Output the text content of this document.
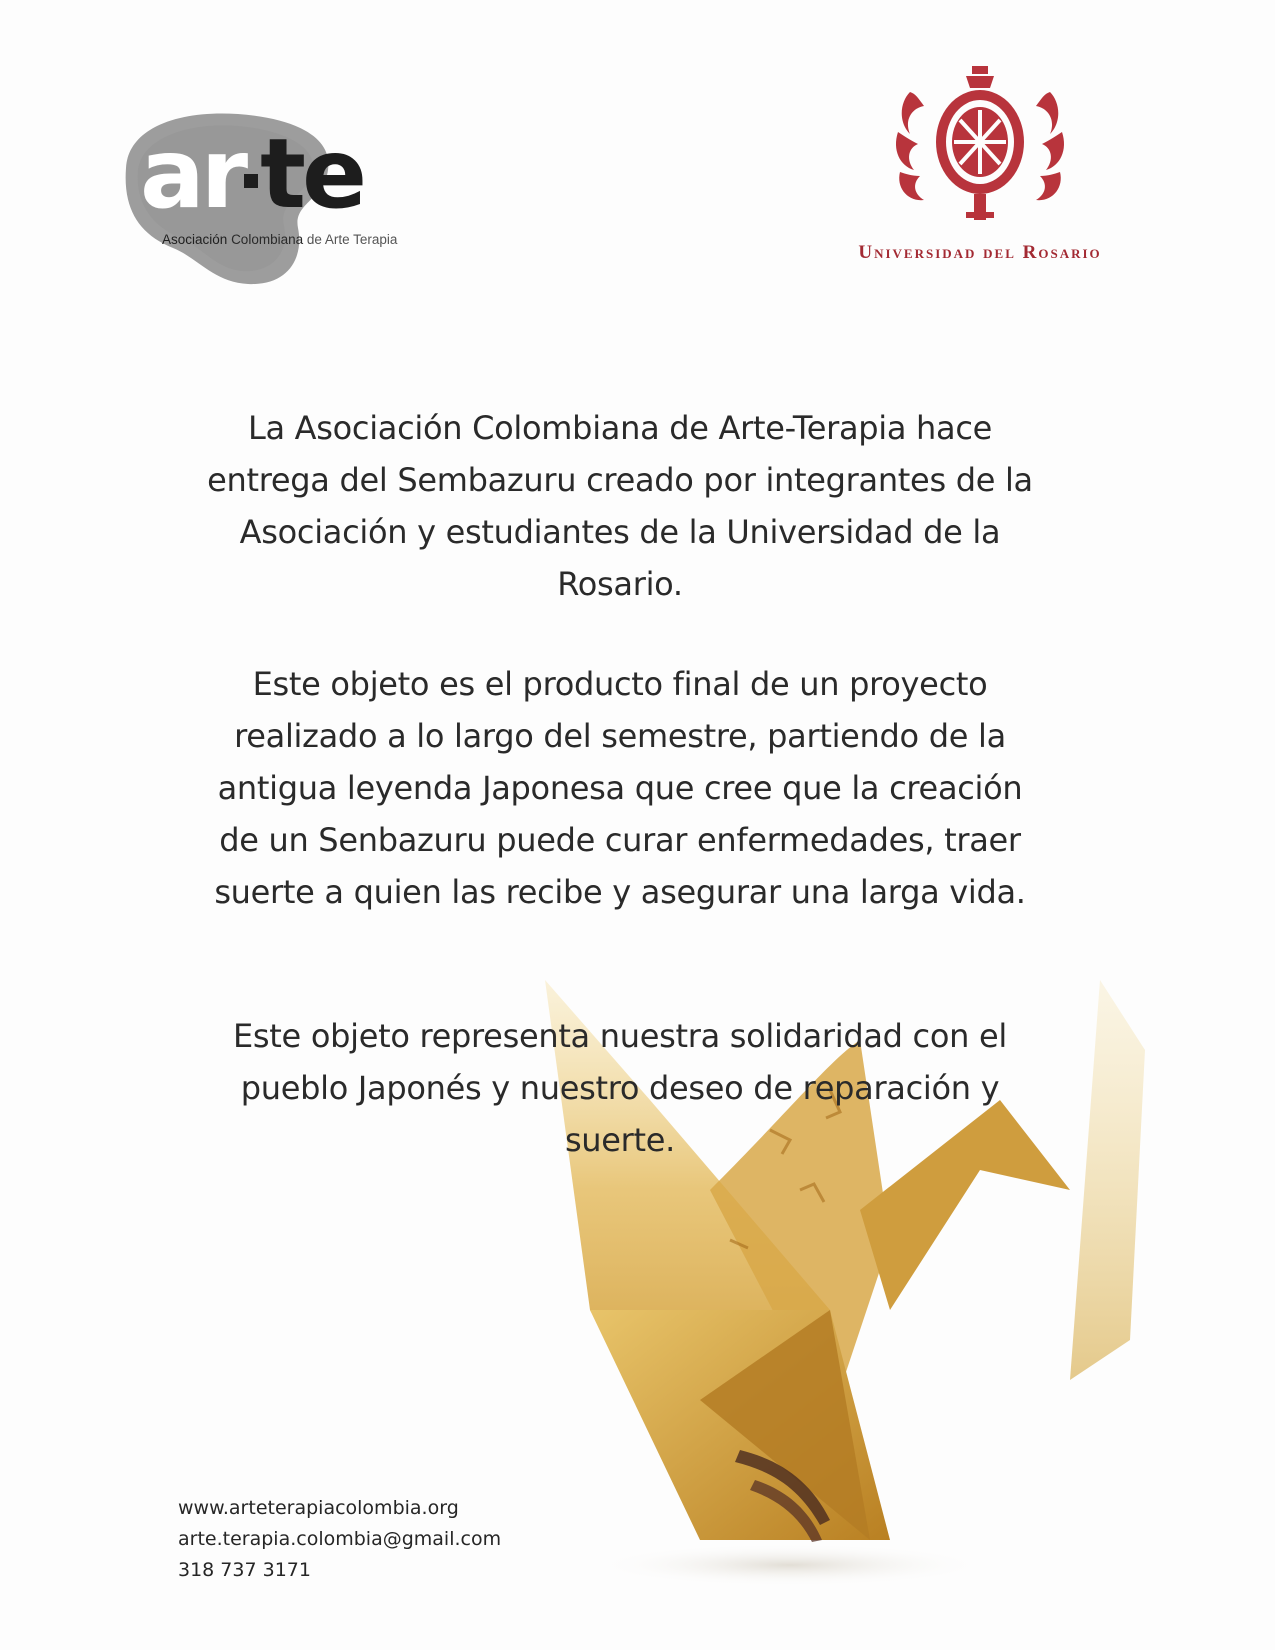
ar te
Asociación Colombiana de Arte Terapia
Universidad del Rosario
La Asociación Colombiana de Arte-Terapia hace
entrega del Sembazuru creado por integrantes de la
Asociación y estudiantes de la Universidad de la
Rosario.
Este objeto es el producto final de un proyecto
realizado a lo largo del semestre, partiendo de la
antigua leyenda Japonesa que cree que la creación
de un Senbazuru puede curar enfermedades, traer
suerte a quien las recibe y asegurar una larga vida.
Este objeto representa nuestra solidaridad con el
pueblo Japonés y nuestro deseo de reparación y
suerte.
www.arteterapiacolombia.org
arte.terapia.colombia@gmail.com
318 737 3171
